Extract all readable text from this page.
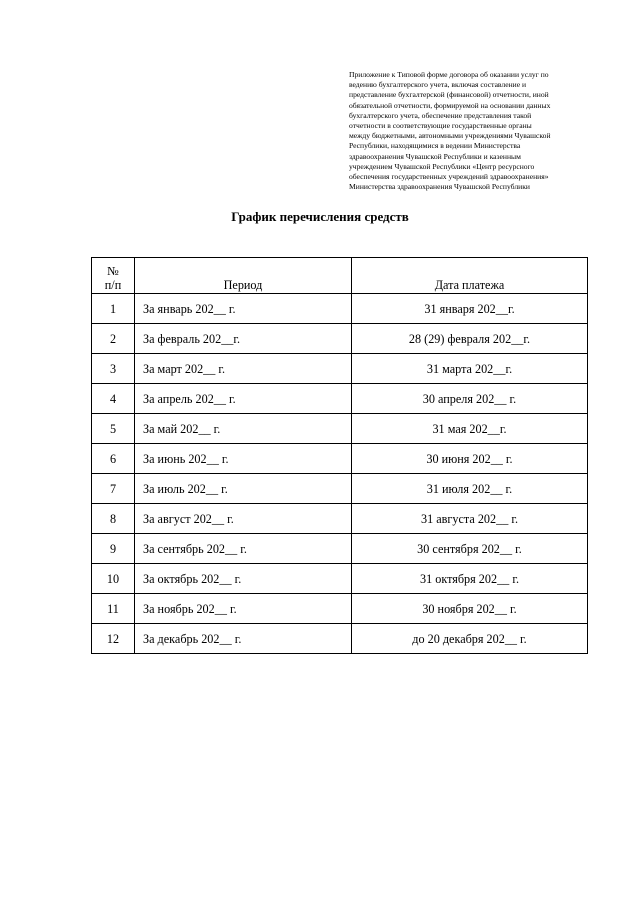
Приложение к Типовой форме договора об оказании услуг по
ведению бухгалтерского учета, включая составление и
представление бухгалтерской (финансовой) отчетности, иной
обязательной отчетности, формируемой на основании данных
бухгалтерского учета, обеспечение представления такой
отчетности в соответствующие государственные органы
между бюджетными, автономными учреждениями Чувашской
Республики, находящимися в ведении Министерства
здравоохранения Чувашской Республики и казенным
учреждением Чувашской Республики «Центр ресурсного
обеспечения государственных учреждений здравоохранения»
Министерства здравоохранения Чувашской Республики
График перечисления средств
№
п/п	Период	Дата платежа
1	За январь 202__ г.	31 января 202__г.
2	За февраль 202__г.	28 (29) февраля 202__г.
3	За март 202__ г.	31 марта 202__г.
4	За апрель 202__ г.	30 апреля 202__ г.
5	За май 202__ г.	31 мая 202__г.
6	За июнь 202__ г.	30 июня 202__ г.
7	За июль 202__ г.	31 июля 202__ г.
8	За август 202__ г.	31 августа 202__ г.
9	За сентябрь 202__ г.	30 сентября 202__ г.
10	За октябрь 202__ г.	31 октября 202__ г.
11	За ноябрь 202__ г.	30 ноября 202__ г.
12	За декабрь 202__ г.	до 20 декабря 202__ г.
